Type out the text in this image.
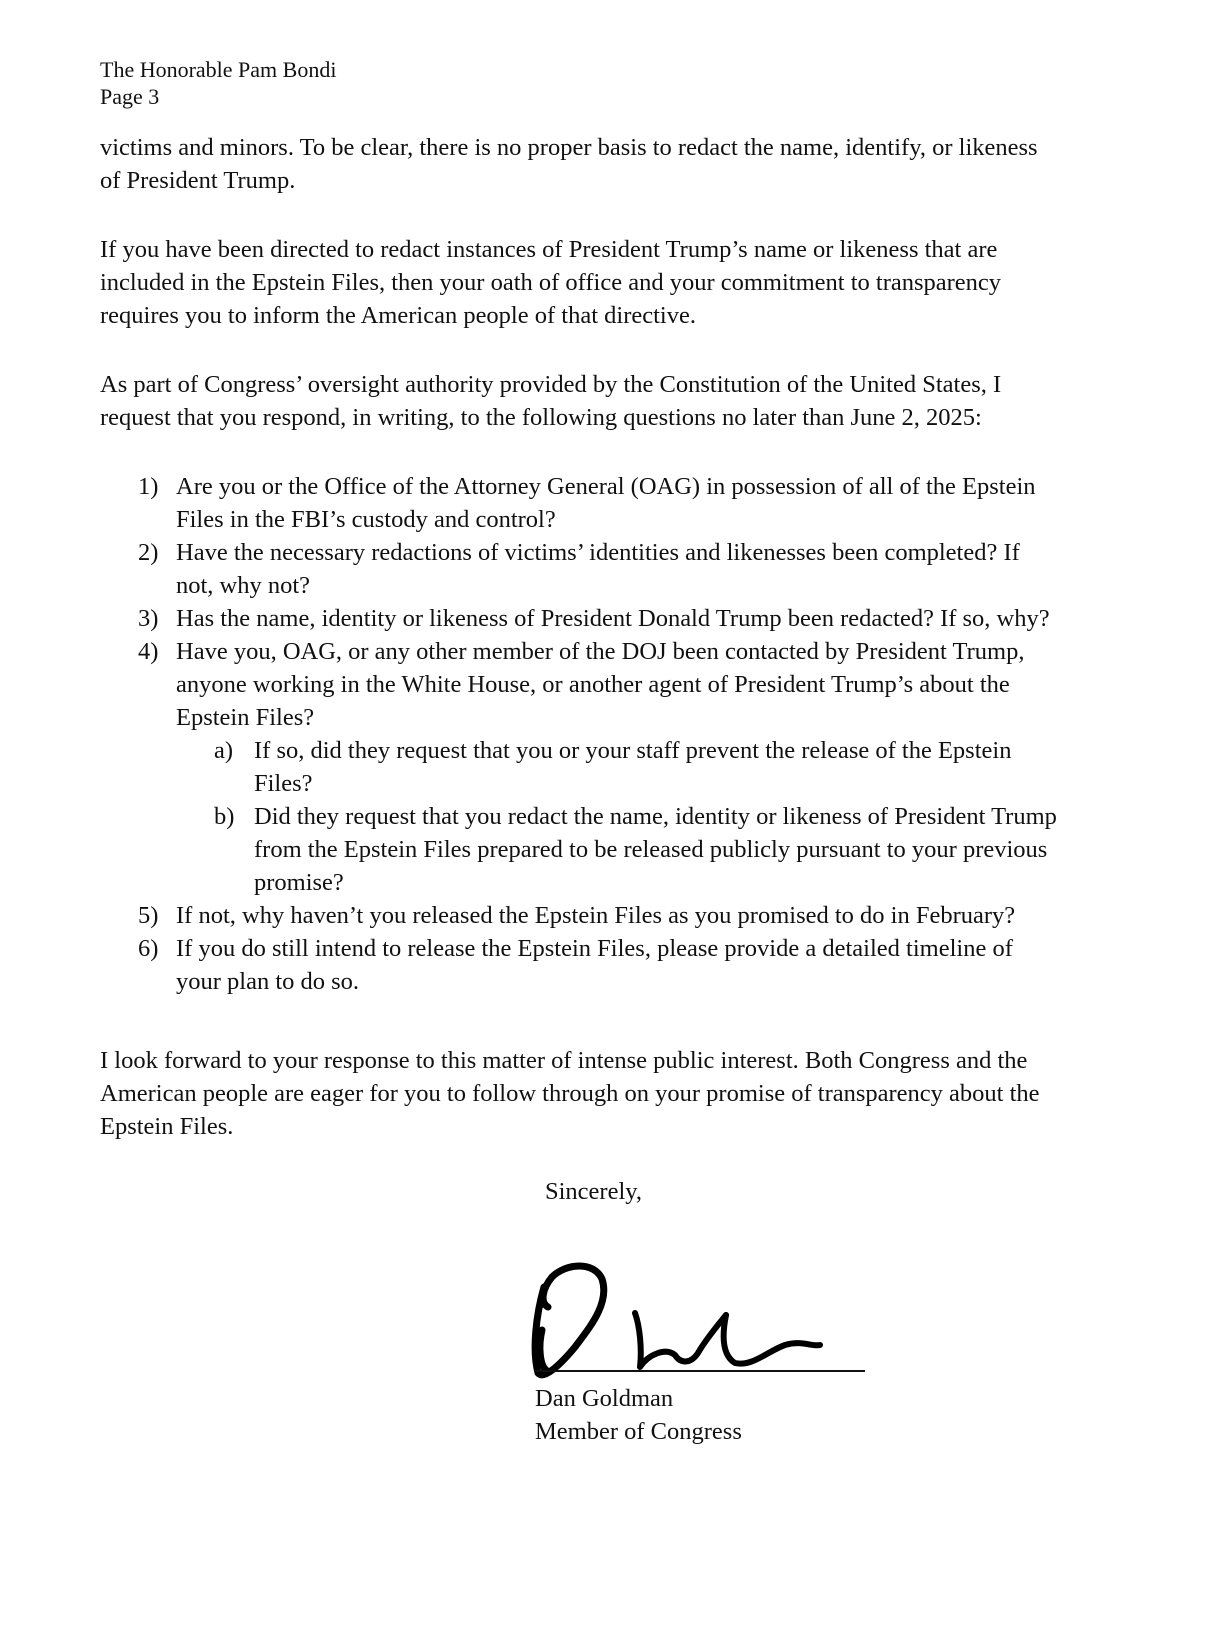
The Honorable Pam Bondi
Page 3
victims and minors. To be clear, there is no proper basis to redact the name, identify, or likeness
of President Trump.
If you have been directed to redact instances of President Trump’s name or likeness that are
included in the Epstein Files, then your oath of office and your commitment to transparency
requires you to inform the American people of that directive.
As part of Congress’ oversight authority provided by the Constitution of the United States, I
request that you respond, in writing, to the following questions no later than June 2, 2025:
1) Are you or the Office of the Attorney General (OAG) in possession of all of the Epstein
Files in the FBI’s custody and control?
2) Have the necessary redactions of victims’ identities and likenesses been completed? If
not, why not?
3) Has the name, identity or likeness of President Donald Trump been redacted? If so, why?
4) Have you, OAG, or any other member of the DOJ been contacted by President Trump,
anyone working in the White House, or another agent of President Trump’s about the
Epstein Files?
a) If so, did they request that you or your staff prevent the release of the Epstein
Files?
b) Did they request that you redact the name, identity or likeness of President Trump
from the Epstein Files prepared to be released publicly pursuant to your previous
promise?
5) If not, why haven’t you released the Epstein Files as you promised to do in February?
6) If you do still intend to release the Epstein Files, please provide a detailed timeline of
your plan to do so.
I look forward to your response to this matter of intense public interest. Both Congress and the
American people are eager for you to follow through on your promise of transparency about the
Epstein Files.
Sincerely,
Dan Goldman
Member of Congress
